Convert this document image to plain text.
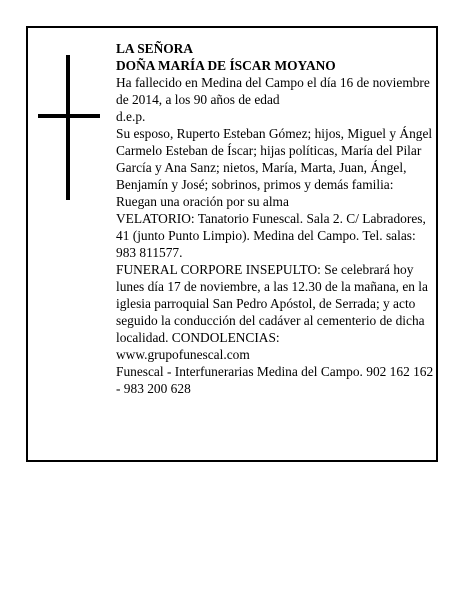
LA SEÑORA

DOÑA MARÍA DE ÍSCAR MOYANO

Ha fallecido en Medina del Campo el día 16 de noviembre de 2014, a los 90 años de edad

d.e.p.

Su esposo, Ruperto Esteban Gómez; hijos, Miguel y Ángel Carmelo Esteban de Íscar; hijas políticas, María del Pilar García y Ana Sanz; nietos, María, Marta, Juan, Ángel, Benjamín y José; sobrinos, primos y demás familia:

Ruegan una oración por su alma

VELATORIO: Tanatorio Funescal. Sala 2. C/ Labradores, 41 (junto Punto Limpio). Medina del Campo. Tel. salas: 983 811577.

FUNERAL CORPORE INSEPULTO: Se celebrará hoy lunes día 17 de noviembre, a las 12.30 de la mañana, en la iglesia parroquial San Pedro Apóstol, de Serrada; y acto seguido la conducción del cadáver al cementerio de dicha localidad. CONDOLENCIAS:

www.grupofunescal.com

Funescal - Interfunerarias Medina del Campo. 902 162 162 - 983 200 628
